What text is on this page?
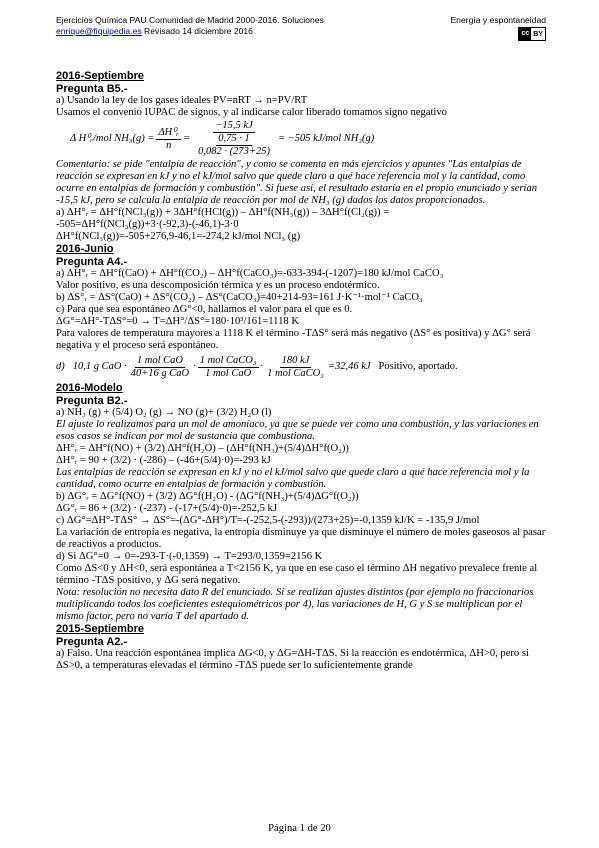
Ejercicios Química PAU Comunidad de Madrid 2000-2016. Soluciones	Energía y espontaneidad
enrique@fiquipedia.es Revisado 14 diciembre 2016	cc BY

2016-Septiembre

Pregunta B5.-

a) Usando la ley de los gases ideales PV=nRT → n=PV/RT

Usamos el convenio IUPAC de signos, y al indicarse calor liberado tomamos signo negativo

Δ H⁰ᵣ/mol $NH_3(g) = \frac{\text{ΔH⁰ᵣ}}{n} = \frac{-15,5 kJ}{\frac{0,75 \cdot 1}{0,082 \cdot (273+25)}} = -505$ kJ/mol NH₃(g)

Comentario: se pide "entalpía de reacción", y como se comenta en más ejercicios y apuntes "Las entalpías de reacción se expresan en kJ y no el kJ/mol salvo que quede claro a qué hace referencia mol y la cantidad, como ocurre en entalpías de formación y combustión". Si fuese así, el resultado estaría en el propio enunciado y serían -15,5 kJ, pero se calcula la entalpía de reacción por mol de NH₃ (g) dados los datos proporcionados.

a) ΔH°ᵣ = ΔH°f(NCl₃(g)) + 3ΔH°f(HCl(g)) – ΔH°f(NH₃(g)) – 3ΔH°f(Cl₂(g)) =

-505=ΔH°f(NCl₃(g))+3·(-92,3)-(-46,1)-3·0

ΔH°f(NCl₃(g))=-505+276,9-46,1=-274,2 kJ/mol NCl₃ (g)

2016-Junio

Pregunta A4.-

a) ΔH°ᵣ = ΔH°f(CaO) + ΔH°f(CO₂) – ΔH°f(CaCO₃)=-633-394-(-1207)=180 kJ/mol CaCO₃

Valor positivo, es una descomposición térmica y es un proceso endotérmico.

b) ΔS°ᵣ = ΔS°(CaO) + ΔS°(CO₂) – ΔS°(CaCO₃)=40+214-93=161 J·K⁻¹·mol⁻¹ CaCO₃

c) Para que sea espontáneo ΔG°<0, hallamos el valor para el que es 0.

ΔG°=ΔH°-TΔS°=0 → T=ΔH°/ΔS°=180·10³/161=1118 K

Para valores de temperatura mayores a 1118 K el término -TΔS° será más negativo (ΔS° es positiva) y ΔG° será negativa y el proceso será espontáneo.

d) 10,1 g CaO · $\frac{\text{1 mol CaO}}{\text{40+16 g CaO}} \cdot \frac{\text{1 mol CaCO₃}}{\text{1 mol CaO}} \cdot \frac{180 kJ}{\text{1 mol CaCO₃}} =32,46$ kJ Positivo, aportado.

2016-Modelo

Pregunta B2.-

a) NH₃ (g) + (5/4) O₂ (g) → NO (g)+ (3/2) H₂O (l)

El ajuste lo realizamos para un mol de amoníaco, ya que se puede ver como una combustión, y las variaciones en esos casos se indican por mol de sustancia que combustiona.

ΔH°ᵣ = ΔH°f(NO) + (3/2) ΔH°f(H₂O) – (ΔH°f(NH₃)+(5/4)ΔH°f(O₂))

ΔH°ᵣ = 90 + (3/2) · (-286) – (-46+(5/4)·0)=-293 kJ

Las entalpías de reacción se expresan en kJ y no el kJ/mol salvo que quede claro a qué hace referencia mol y la cantidad, como ocurre en entalpías de formación y combustión.

b) ΔG°ᵣ = ΔG°f(NO) + (3/2) ΔG°f(H₂O) - (ΔG°f(NH₃)+(5/4)ΔG°f(O₂))

ΔG°ᵣ = 86 + (3/2) · (-237) - (-17+(5/4)·0)=-252,5 kJ

c) ΔG°=ΔH°-TΔS° → ΔS°=-(ΔG°-ΔH°)/T=-(-252,5-(-293))/(273+25)=-0,1359 kJ/K = -135,9 J/mol

La variación de entropía es negativa, la entropía disminuye ya que disminuye el número de moles gaseosos al pasar de reactivos a productos.

d) Si ΔG°=0 → 0=-293-T·(-0,1359) → T=293/0,1359=2156 K

Como ΔS<0 y ΔH<0, será espontánea a T<2156 K, ya que en ese caso el término ΔH negativo prevalece frente al término -TΔS positivo, y ΔG será negativo.

Nota: resolución no necesita dato R del enunciado. Si se realizan ajustes distintos (por ejemplo no fraccionarios multiplicando todos los coeficientes estequiométricos por 4), las variaciones de H, G y S se multiplican por el mismo factor, pero no varía T del apartado d.

2015-Septiembre

Pregunta A2.-

a) Falso. Una reacción espontánea implica ΔG<0, y ΔG=ΔH-TΔS. Si la reacción es endotérmica, ΔH>0, pero si ΔS>0, a temperaturas elevadas el término -TΔS puede ser lo suficientemente grande

Página 1 de 20
